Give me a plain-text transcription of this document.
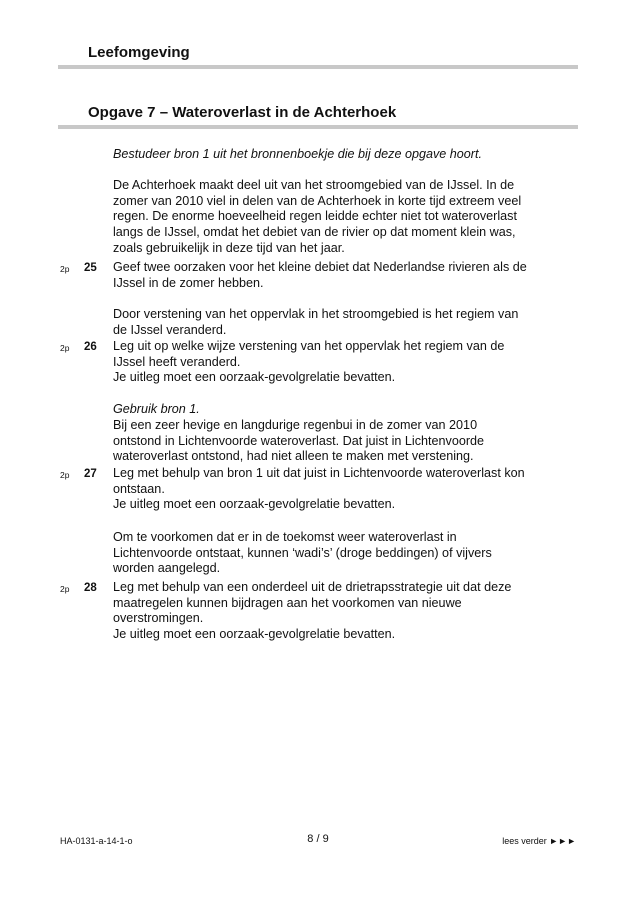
Leefomgeving
Opgave 7 – Wateroverlast in de Achterhoek
Bestudeer bron 1 uit het bronnenboekje die bij deze opgave hoort.

De Achterhoek maakt deel uit van het stroomgebied van de IJssel. In de

zomer van 2010 viel in delen van de Achterhoek in korte tijd extreem veel

regen. De enorme hoeveelheid regen leidde echter niet tot wateroverlast

langs de IJssel, omdat het debiet van de rivier op dat moment klein was,

zoals gebruikelijk in deze tijd van het jaar.

2p 25 Geef twee oorzaken voor het kleine debiet dat Nederlandse rivieren als de

IJssel in de zomer hebben.

Door verstening van het oppervlak in het stroomgebied is het regiem van

de IJssel veranderd.

2p 26 Leg uit op welke wijze verstening van het oppervlak het regiem van de

IJssel heeft veranderd.

Je uitleg moet een oorzaak-gevolgrelatie bevatten.

Gebruik bron 1.

Bij een zeer hevige en langdurige regenbui in de zomer van 2010

ontstond in Lichtenvoorde wateroverlast. Dat juist in Lichtenvoorde

wateroverlast ontstond, had niet alleen te maken met verstening.

2p 27 Leg met behulp van bron 1 uit dat juist in Lichtenvoorde wateroverlast kon

ontstaan.

Je uitleg moet een oorzaak-gevolgrelatie bevatten.

Om te voorkomen dat er in de toekomst weer wateroverlast in

Lichtenvoorde ontstaat, kunnen ‘wadi’s’ (droge beddingen) of vijvers

worden aangelegd.

2p 28 Leg met behulp van een onderdeel uit de drietrapsstrategie uit dat deze

maatregelen kunnen bijdragen aan het voorkomen van nieuwe

overstromingen.

Je uitleg moet een oorzaak-gevolgrelatie bevatten.

HA-0131-a-14-1-o	8 / 9	lees verder ►►►
